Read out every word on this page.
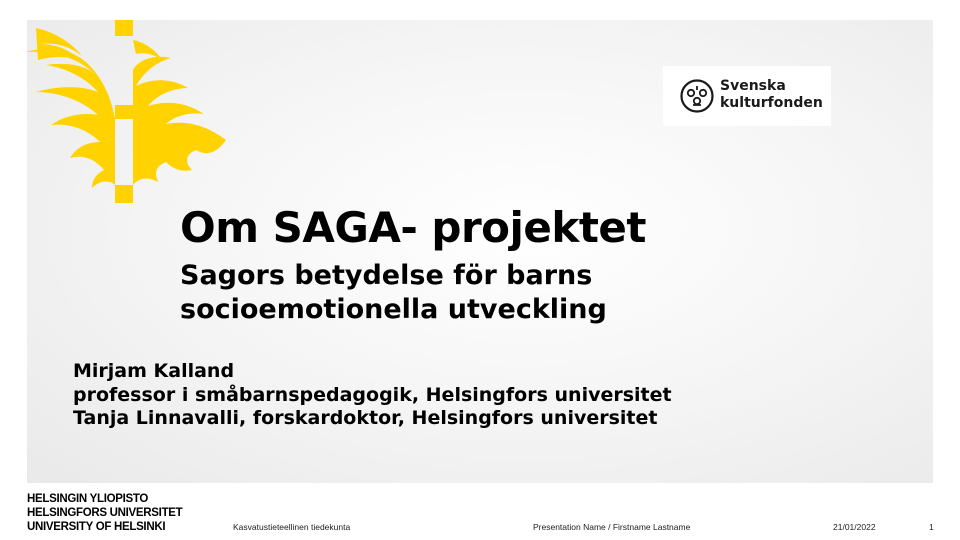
Svenska
kulturfonden
Om SAGA- projektet
Sagors betydelse för barns
socioemotionella utveckling
Mirjam Kalland
professor i småbarnspedagogik, Helsingfors universitet
Tanja Linnavalli, forskardoktor, Helsingfors universitet
HELSINGIN YLIOPISTO
HELSINGFORS UNIVERSITET
UNIVERSITY OF HELSINKI	Kasvatustieteellinen tiedekunta	Presentation Name / Firstname Lastname	21/01/2022	1
